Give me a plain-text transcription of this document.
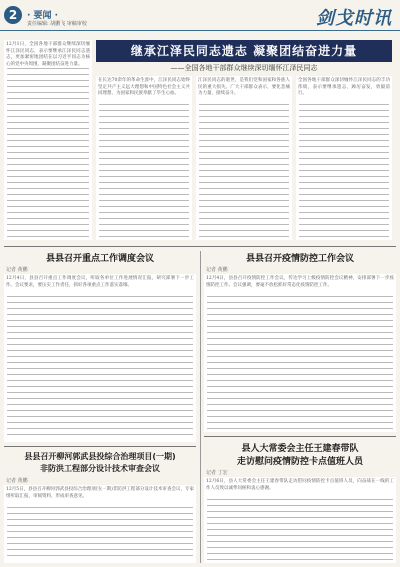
2	· 要闻 ·
责任编辑: 胡鹏飞 审稿审校	剑戈时讯
继承江泽民同志遗志 凝聚团结奋进力量
——全国各地干部群众继续深切缅怀江泽民同志

12月1日，全国各地干部群众继续深切缅怀江泽民同志，表示要继承江泽民同志遗志，更加紧密地团结在以习近平同志为核心的党中央周围，凝聚团结奋进力量。

在长达70余年的革命生涯中，江泽民同志始终坚定共产主义远大理想和中国特色社会主义共同理想，为国家和民族奉献了毕生心血。

江泽民同志的逝世，是我们党和国家和各族人民的重大损失。广大干部群众表示，要化悲痛为力量，接续奋斗。

全国各地干部群众深切缅怀江泽民同志的丰功伟绩，表示要继承遗志，踔厉奋发，勇毅前行。

县县召开重点工作调度会议
记者 黄鹏

12月4日，县县召开重点工作调度会议，听取各单位工作进展情况汇报，研究部署下一步工作。会议要求，要压实工作责任，抓好各项重点工作落实落细。

县县召开疫情防控工作会议
记者 黄鹏

12月4日，县县召开疫情防控工作会议，传达学习上级疫情防控会议精神，安排部署下一步疫情防控工作。会议强调，要毫不放松抓好常态化疫情防控工作。

县县召开柳河郭武县投综合治理项目(一期)
非防洪工程部分设计技术审查会议
记者 黄鹏

12月5日，县县召开柳河郭武县投综合治理项目(一期)非防洪工程部分设计技术审查会议，专家组听取汇报，审阅资料，形成审查意见。

县人大常委会主任王建春带队
走访慰问疫情防控卡点值班人员
记者 丁宏

12月6日，县人大常委会主任王建春带队走访慰问疫情防控卡点值班人员，向奋战在一线的工作人员致以诚挚问候和衷心感谢。
